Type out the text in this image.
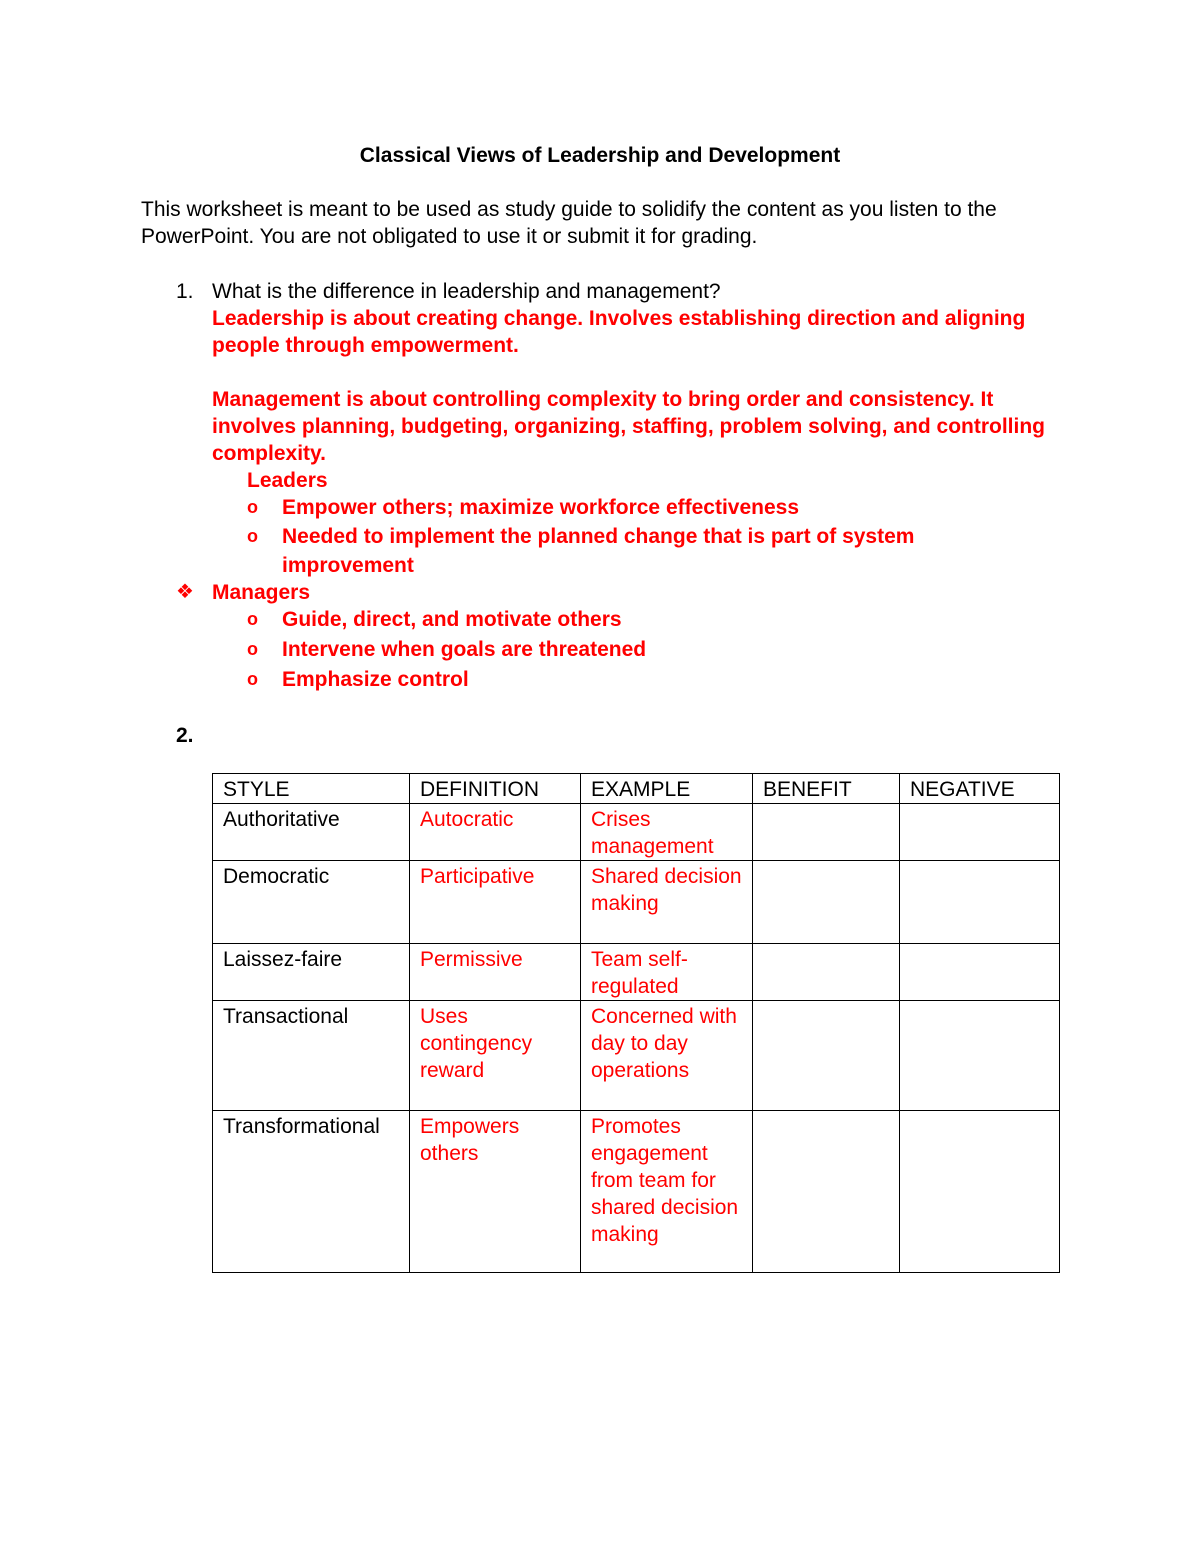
Classical Views of Leadership and Development
This worksheet is meant to be used as study guide to solidify the content as you listen to the PowerPoint. You are not obligated to use it or submit it for grading.
1. What is the difference in leadership and management?
Leadership is about creating change. Involves establishing direction and aligning people through empowerment.
Management is about controlling complexity to bring order and consistency. It involves planning, budgeting, organizing, staffing, problem solving, and controlling complexity.
Leaders
o	Empower others; maximize workforce effectiveness
o	Needed to implement the planned change that is part of system improvement
❖ Managers
o	Guide, direct, and motivate others
o	Intervene when goals are threatened
o	Emphasize control
2.
STYLE	DEFINITION	EXAMPLE	BENEFIT	NEGATIVE
Authoritative	Autocratic	Crises management		
Democratic	Participative	Shared decision making		
Laissez-faire	Permissive	Team self-regulated		
Transactional	Uses contingency reward	Concerned with day to day operations		
Transformational	Empowers others	Promotes engagement from team for shared decision making		
